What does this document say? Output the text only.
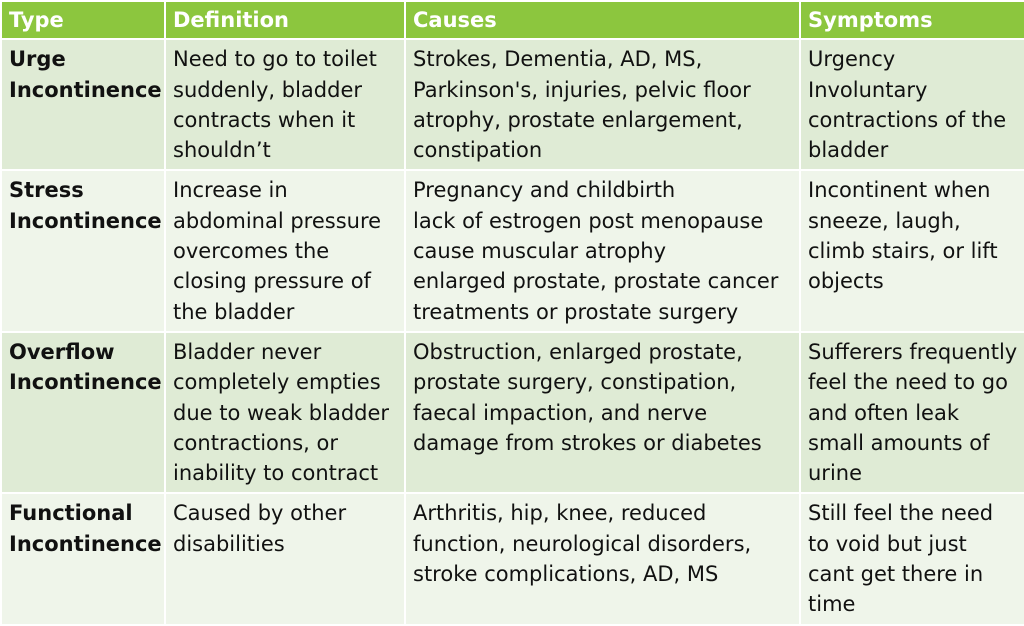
Type	Definition	Causes	Symptoms

Urge
Incontinence	Need to go to toilet suddenly, bladder contracts when it shouldn’t	Strokes, Dementia, AD, MS, Parkinson's, injuries, pelvic floor atrophy, prostate enlargement, constipation	Urgency
Involuntary contractions of the bladder

Stress
Incontinence	Increase in abdominal pressure overcomes the closing pressure of the bladder	Pregnancy and childbirth
lack of estrogen post menopause cause muscular atrophy
enlarged prostate, prostate cancer treatments or prostate surgery	Incontinent when sneeze, laugh, climb stairs, or lift objects

Overflow
Incontinence	Bladder never completely empties due to weak bladder contractions, or inability to contract	Obstruction, enlarged prostate, prostate surgery, constipation, faecal impaction, and nerve damage from strokes or diabetes	Sufferers frequently feel the need to go and often leak small amounts of urine

Functional
Incontinence	Caused by other disabilities	Arthritis, hip, knee, reduced function, neurological disorders, stroke complications, AD, MS	Still feel the need to void but just cant get there in time
